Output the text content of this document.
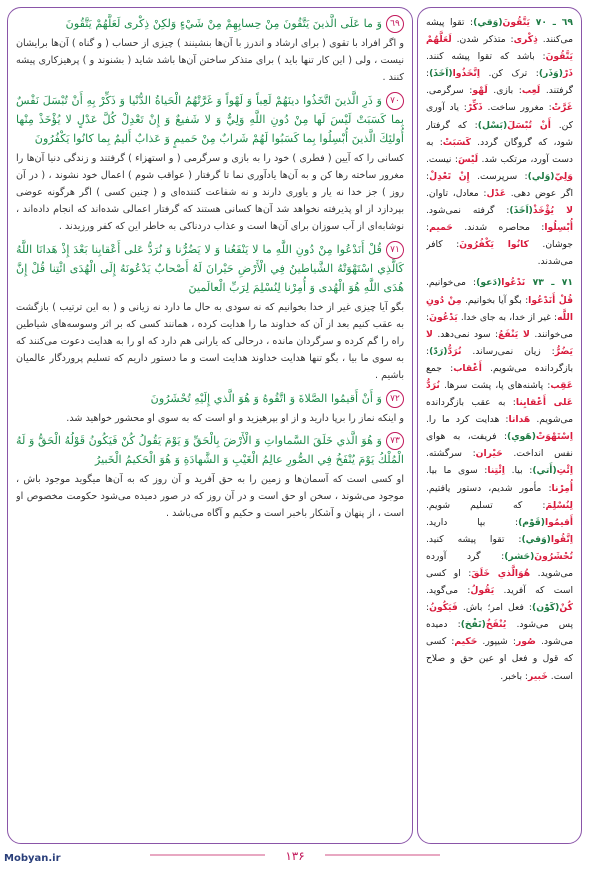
٦٩وَ ما عَلَى الَّذينَ يَتَّقُونَ مِنْ حِسابِهِمْ مِنْ شَيْءٍ وَلكِنْ ذِكْرى لَعَلَّهُمْ يَتَّقُونَ

و اگر افراد با تقوی ( برای ارشاد و اندرز با آن‌ها بنشینند ) چیزی از حساب ( و گناه ) آن‌ها برایشان نیست ، ولی ( این کار تنها باید ) برای متذکر ساختن آن‌ها باشد شاید ( بشنوند و ) پرهیزکاری پیشه کنند .

٧٠وَ ذَرِ الَّذينَ اتَّخَذُوا دينَهُمْ لَعِباً وَ لَهْواً وَ غَرَّتْهُمُ الْحَياةُ الدُّنْيا وَ ذَكِّرْ بِهِ أَنْ تُبْسَلَ نَفْسٌ بِما كَسَبَتْ لَيْسَ لَها مِنْ دُونِ اللَّهِ وَلِيٌّ وَ لا شَفيعٌ وَ إِنْ تَعْدِلْ كُلَّ عَدْلٍ لا يُؤْخَذْ مِنْها أُولئِكَ الَّذينَ أُبْسِلُوا بِما كَسَبُوا لَهُمْ شَرابٌ مِنْ حَميمٍ وَ عَذابٌ أَليمٌ بِما كانُوا يَكْفُرُونَ

کسانی را که آیین ( فطری ) خود را به بازی و سرگرمی ( و استهزاء ) گرفتند و زندگی دنیا آن‌ها را مغرور ساخته رها کن و به آن‌ها یادآوری نما تا گرفتار ( عواقب شوم ) اعمال خود نشوند ، ( در آن روز ) جز خدا نه یار و یاوری دارند و نه شفاعت کننده‌ای و ( چنین کسی ) اگر هرگونه عوضی بپردازد از او پذیرفته نخواهد شد آن‌ها کسانی هستند که گرفتار اعمالی شده‌اند که انجام داده‌اند ، نوشابه‌ای از آب سوزان برای آن‌ها است و عذاب دردناکی به خاطر این که کفر ورزیدند .

٧١قُلْ أَنَدْعُوا مِنْ دُونِ اللَّهِ ما لا يَنْفَعُنا وَ لا يَضُرُّنا وَ نُرَدُّ عَلى أَعْقابِنا بَعْدَ إِذْ هَدانَا اللَّهُ كَالَّذِي اسْتَهْوَتْهُ الشَّياطينُ فِي الْأَرْضِ حَيْرانَ لَهُ أَصْحابٌ يَدْعُونَهُ إِلَى الْهُدَى ائْتِنا قُلْ إِنَّ هُدَى اللَّهِ هُوَ الْهُدى وَ أُمِرْنا لِنُسْلِمَ لِرَبِّ الْعالَمينَ

بگو آیا چیزی غیر از خدا بخوانیم که نه سودی به حال ما دارد نه زیانی و ( به این ترتیب ) بازگشت به عقب کنیم بعد از آن که خداوند ما را هدایت کرده ، همانند کسی که بر اثر وسوسه‌های شیاطین راه را گم کرده و سرگردان مانده ، درحالی که یارانی هم دارد که او را به هدایت دعوت می‌کنند که به سوی ما بیا ، بگو تنها هدایت خداوند هدایت است و ما دستور داریم که تسلیم پروردگار عالمیان باشیم .

٧٢وَ أَنْ أَقيمُوا الصَّلاةَ وَ اتَّقُوهُ وَ هُوَ الَّذي إِلَيْهِ تُحْشَرُونَ

و اینکه نماز را برپا دارید و از او بپرهیزید و او است که به سوی او محشور خواهید شد.

٧٣وَ هُوَ الَّذي خَلَقَ السَّماواتِ وَ الْأَرْضَ بِالْحَقِّ وَ يَوْمَ يَقُولُ كُنْ فَيَكُونُ قَوْلُهُ الْحَقُّ وَ لَهُ الْمُلْكُ يَوْمَ يُنْفَخُ فِي الصُّورِ عالِمُ الْغَيْبِ وَ الشَّهادَةِ وَ هُوَ الْحَكيمُ الْخَبيرُ

او کسی است که آسمان‌ها و زمین را به حق آفرید و آن روز که به آن‌ها میگوید موجود باش ، موجود می‌شوند ، سخن او حق است و در آن روز که در صور دمیده می‌شود حکومت مخصوص او است ، از پنهان و آشکار باخبر است و حکیم و آگاه می‌باشد .

٦٩ ـ ٧٠ يَتَّقُونَ(وَقي): تقوا پیشه می‌کنند. ذِكْرى: متذکر شدن. لَعَلَّهُمْ يَتَّقُونَ: باشد که تقوا پیشه کنند. ذَرْ(وَذَر): ترک کن. اِتَّخَذُوا(اَخَذَ): گرفتند. لَعِب: بازی. لَهْو: سرگرمی. غَرَّتْ: مغرور ساخت. ذَكِّرْ: یاد آوری کن. أَنْ تُبْسَلَ(بَسْل): که گرفتار شود، که گروگان گردد. كَسَبَتْ: به دست آورد، مرتکب شد. لَيْسَ: نیست. وَلِيّ(وَلي): سرپرست. إِنْ تَعْدِلْ: اگر عوض دهی. عَدْل: معادل، تاوان. لا يُؤْخَذْ(اَخَذَ): گرفته نمی‌شود. أُبْسِلُوا: محاصره شدند. حَميم: جوشان. كانُوا يَكْفُرُونَ: کافر می‌شدند.
٧١ ـ ٧٣ نَدْعُوا(دَعو): می‌خوانیم. قُلْ أَنَدْعُوا: بگو آیا بخوانیم. مِنْ دُونِ اللَّه: غیر از خدا، به جای خدا. يَدْعُونَ: می‌خوانند. لا يَنْفَعُ: سود نمی‌دهد. لا يَضُرُّ: زیان نمی‌رساند. نُرَدُّ(رَدّ): بازگردانده می‌شویم. أَعْقاب: جمع عَقِب: پاشنه‌های پا، پشت سرها. نُرَدُّ عَلى أَعْقابِنا: به عقب بازگردانده می‌شویم. هَدانا: هدایت کرد ما را. اِسْتَهْوَتْ(هَوي): فریفت، به هوای نفس انداخت. حَيْران: سرگشته. اِئْتِ(أَتي): بیا. اِئْتِنا: سوی ما بیا. أُمِرْنا: مأمور شدیم، دستور یافتیم. لِنُسْلِمَ: که تسلیم شویم. أَقيمُوا(قَوْم): بپا دارید. اِتَّقُوا(وَقي): تقوا پیشه کنید. تُحْشَرُونَ(حَشر): گرد آورده می‌شوید. هُوَالَّذي خَلَقَ: او کسی است که آفرید. يَقُولُ: می‌گوید. كُنْ(كَوْن): فعل امر؛ باش. فَيَكُونُ: پس می‌شود. يُنْفَخُ(نَفْخ): دمیده می‌شود. صُور: شیپور. حَكيم: کسی که قول و فعل او عین حق و صلاح است. خَبير: باخبر.
١٣۶
Mobyan.ir
